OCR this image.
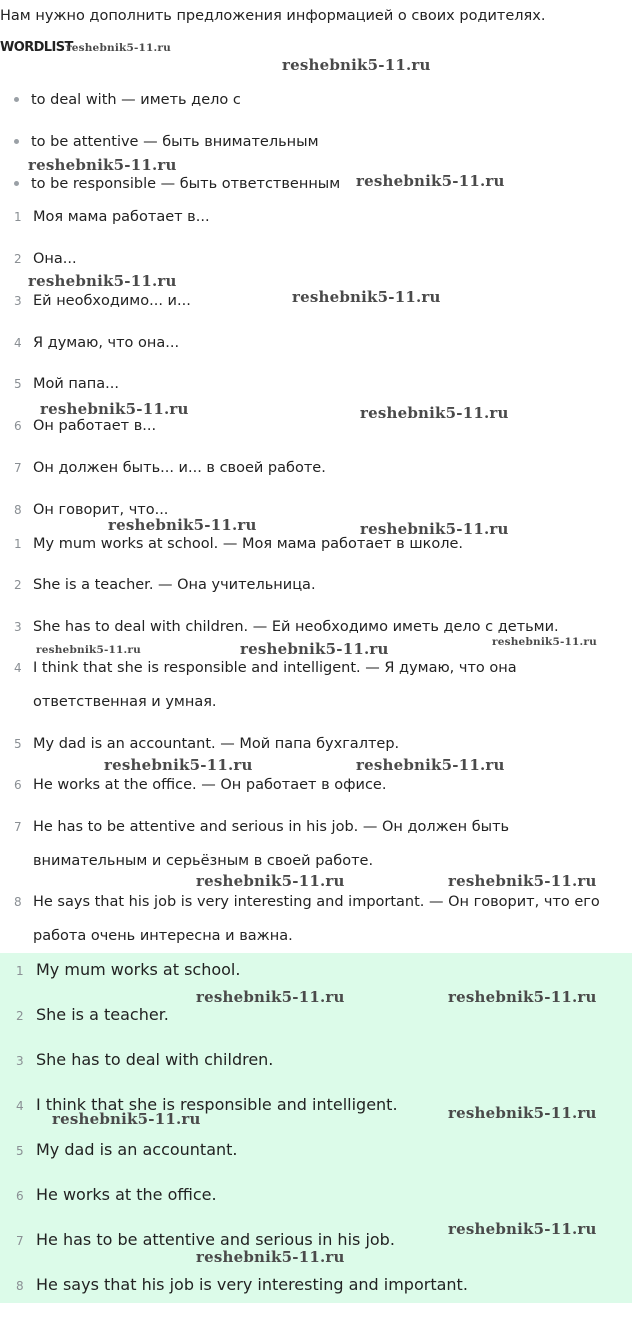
Нам нужно дополнить предложения информацией о своих родителях.
WORDLIST
to deal with — иметь дело с
to be attentive — быть внимательным
to be responsible — быть ответственным
1 Моя мама работает в...
2 Она...
3 Ей необходимо... и...
4 Я думаю, что она...
5 Мой папа...
6 Он работает в...
7 Он должен быть... и... в своей работе.
8 Он говорит, что...
1 My mum works at school. — Моя мама работает в школе.
2 She is a teacher. — Она учительница.
3 She has to deal with children. — Ей необходимо иметь дело с детьми.
4 I think that she is responsible and intelligent. — Я думаю, что она
ответственная и умная.
5 My dad is an accountant. — Мой папа бухгалтер.
6 He works at the office. — Он работает в офисе.
7 He has to be attentive and serious in his job. — Он должен быть
внимательным и серьёзным в своей работе.
8 He says that his job is very interesting and important. — Он говорит, что его
работа очень интересна и важна.
1 My mum works at school.
2 She is a teacher.
3 She has to deal with children.
4 I think that she is responsible and intelligent.
5 My dad is an accountant.
6 He works at the office.
7 He has to be attentive and serious in his job.
8 He says that his job is very interesting and important.
reshebnik5-11.ru
reshebnik5-11.ru
reshebnik5-11.ru
reshebnik5-11.ru
reshebnik5-11.ru
reshebnik5-11.ru
reshebnik5-11.ru	reshebnik5-11.ru
reshebnik5-11.ru	reshebnik5-11.ru
reshebnik5-11.ru
reshebnik5-11.ru	reshebnik5-11.ru
reshebnik5-11.ru	reshebnik5-11.ru
reshebnik5-11.ru	reshebnik5-11.ru
reshebnik5-11.ru	reshebnik5-11.ru
reshebnik5-11.ru	reshebnik5-11.ru
reshebnik5-11.ru
reshebnik5-11.ru
